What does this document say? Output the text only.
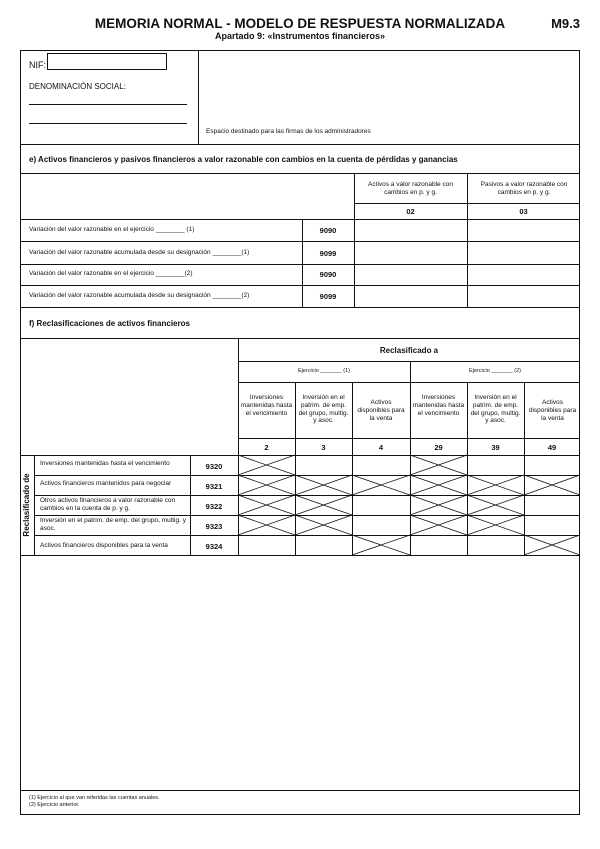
MEMORIA NORMAL - MODELO DE RESPUESTA NORMALIZADA
Apartado 9: «Instrumentos financieros»
M9.3
NIF:
DENOMINACIÓN SOCIAL:
Espacio destinado para las firmas de los administradores
e) Activos financieros y pasivos financieros a valor razonable con cambios en la cuenta de pérdidas y ganancias
Activos a valor razonable con cambios en p. y g.
Pasivos a valor razonable con cambios en p. y g.
02	03
Variación del valor razonable en el ejercicio ________ (1)	9090
Variación del valor razonable acumulada desde su designación ________(1)	9099
Variación del valor razonable en el ejercicio ________(2)	9090
Variación del valor razonable acumulada desde su designación ________(2)	9099
f) Reclasificaciones de activos financieros
Reclasificado a
Ejercicio _______ (1)	Ejercicio _______ (2)
Inversiones mantenidas hasta el vencimiento
Inversión en el patrim. de emp. del grupo, multig. y asoc.
Activos disponibles para la venta
Inversiones mantenidas hasta el vencimiento
Inversión en el patrim. de emp. del grupo, multig. y asoc.
Activos disponibles para la venta
2	3	4	29	39	49
Reclasificado de
Inversiones mantenidas hasta el vencimiento	9320
Activos financieros mantenidos para negociar	9321
Otros activos financieros a valor razonable con cambios en la cuenta de p. y g.	9322
Inversión en el patrim. de emp. del grupo, multig. y asoc.	9323
Activos financieros disponibles para la venta	9324
(1) Ejercicio al que van referidas las cuentas anuales.
(2) Ejercicio anterior.
